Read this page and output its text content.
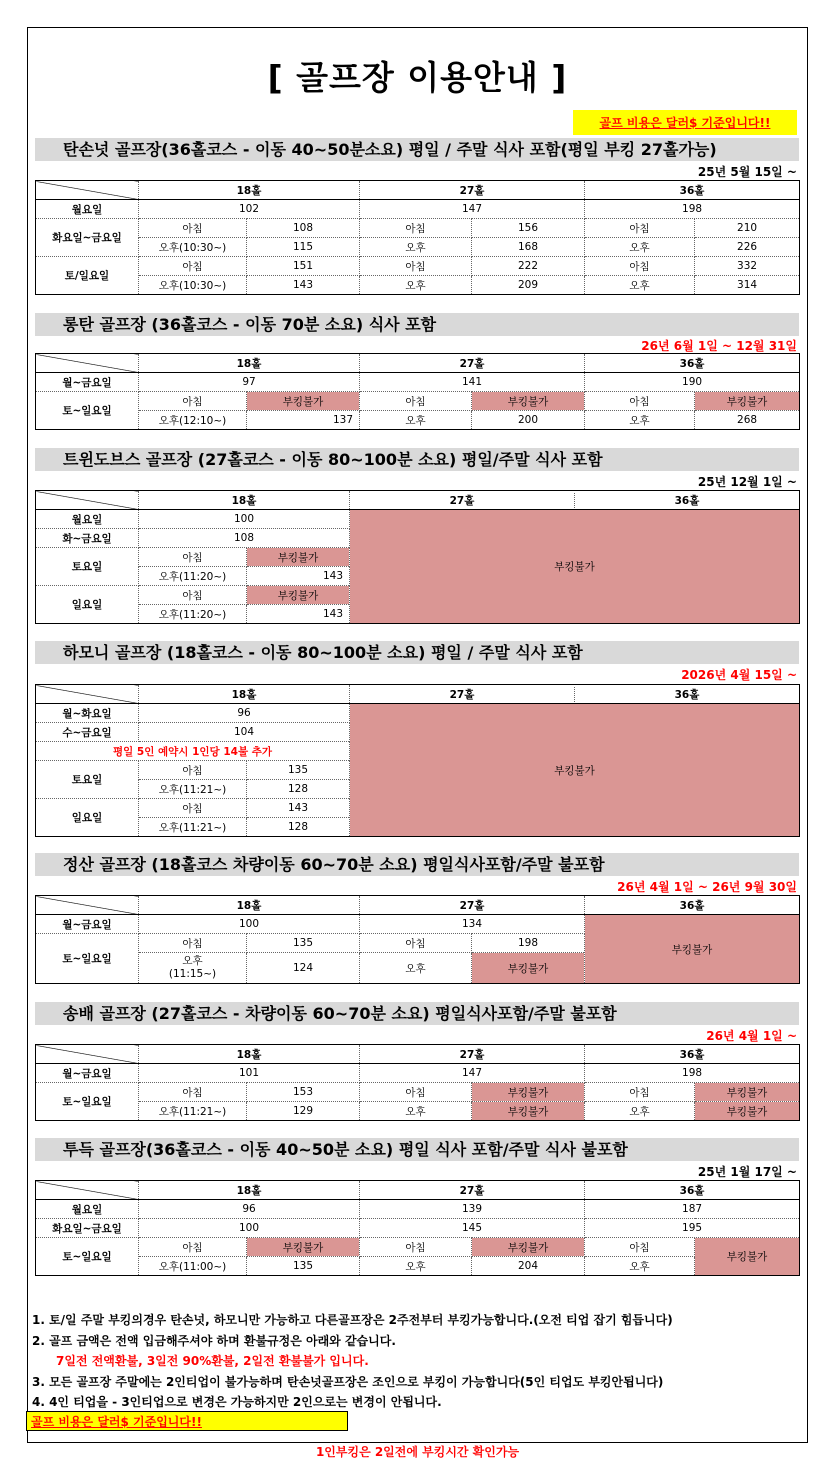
[ 골프장 이용안내 ]
골프 비용은 달러$ 기준입니다!!
탄손넛 골프장(36홀코스 - 이동 40~50분소요) 평일 / 주말 식사 포함(평일 부킹 27홀가능)
25년 5월 15일 ~
	18홀		27홀		36홀	
월요일	102		147		198	
화요일~금요일	아침	108	아침	156	아침	210
	오후(10:30~)	115	오후	168	오후	226
토/일요일	아침	151	아침	222	아침	332
	오후(10:30~)	143	오후	209	오후	314
롱탄 골프장 (36홀코스 - 이동 70분 소요) 식사 포함
26년 6월 1일 ~ 12월 31일
	18홀		27홀		36홀	
월~금요일	97		141		190	
토~일요일	아침	부킹불가	아침	부킹불가	아침	부킹불가
	오후(12:10~)	137	오후	200	오후	268
트윈도브스 골프장 (27홀코스 - 이동 80~100분 소요) 평일/주말 식사 포함
25년 12월 1일 ~
	18홀		27홀 36홀

월요일	100		부킹불가
화~금요일	108		
토요일	아침	부킹불가	
	오후(11:20~)	143	
일요일	아침	부킹불가	
	오후(11:20~)	143	
하모니 골프장 (18홀코스 - 이동 80~100분 소요) 평일 / 주말 식사 포함
2026년 4월 15일 ~
	18홀		27홀 36홀

월~화요일	96		부킹불가
수~금요일	104		
평일 5인 예약시 1인당 14불 추가			
토요일	아침	135	
	오후(11:21~)	128	
일요일	아침	143	
	오후(11:21~)	128	
정산 골프장 (18홀코스 차량이동 60~70분 소요) 평일식사포함/주말 불포함
26년 4월 1일 ~ 26년 9월 30일
	18홀		27홀		36홀
월~금요일	100		134		부킹불가
토~일요일	아침	135	아침	198	
	오후
(11:15~)	124	오후	부킹불가	
송배 골프장 (27홀코스 - 차량이동 60~70분 소요) 평일식사포함/주말 불포함
26년 4월 1일 ~
	18홀		27홀		36홀	
월~금요일	101		147		198	
토~일요일	아침	153	아침	부킹불가	아침	부킹불가
	오후(11:21~)	129	오후	부킹불가	오후	부킹불가
투득 골프장(36홀코스 - 이동 40~50분 소요) 평일 식사 포함/주말 식사 불포함
25년 1월 17일 ~
	18홀		27홀		36홀	
월요일	96		139		187	
화요일~금요일	100		145		195	
토~일요일	아침	부킹불가	아침	부킹불가	아침	부킹불가
	오후(11:00~)	135	오후	204	오후	
1. 토/일 주말 부킹의경우 탄손넛, 하모니만 가능하고 다른골프장은 2주전부터 부킹가능합니다.(오전 티업 잡기 힘듭니다)
2. 골프 금액은 전액 입금해주셔야 하며 환불규정은 아래와 같습니다.
7일전 전액환불, 3일전 90%환불, 2일전 환불불가 입니다.
3. 모든 골프장 주말에는 2인티업이 불가능하며 탄손넛골프장은 조인으로 부킹이 가능합니다(5인 티업도 부킹안됩니다)
4. 4인 티업을 - 3인티업으로 변경은 가능하지만 2인으로는 변경이 안됩니다.
골프 비용은 달러$ 기준입니다!!
1인부킹은 2일전에 부킹시간 확인가능
